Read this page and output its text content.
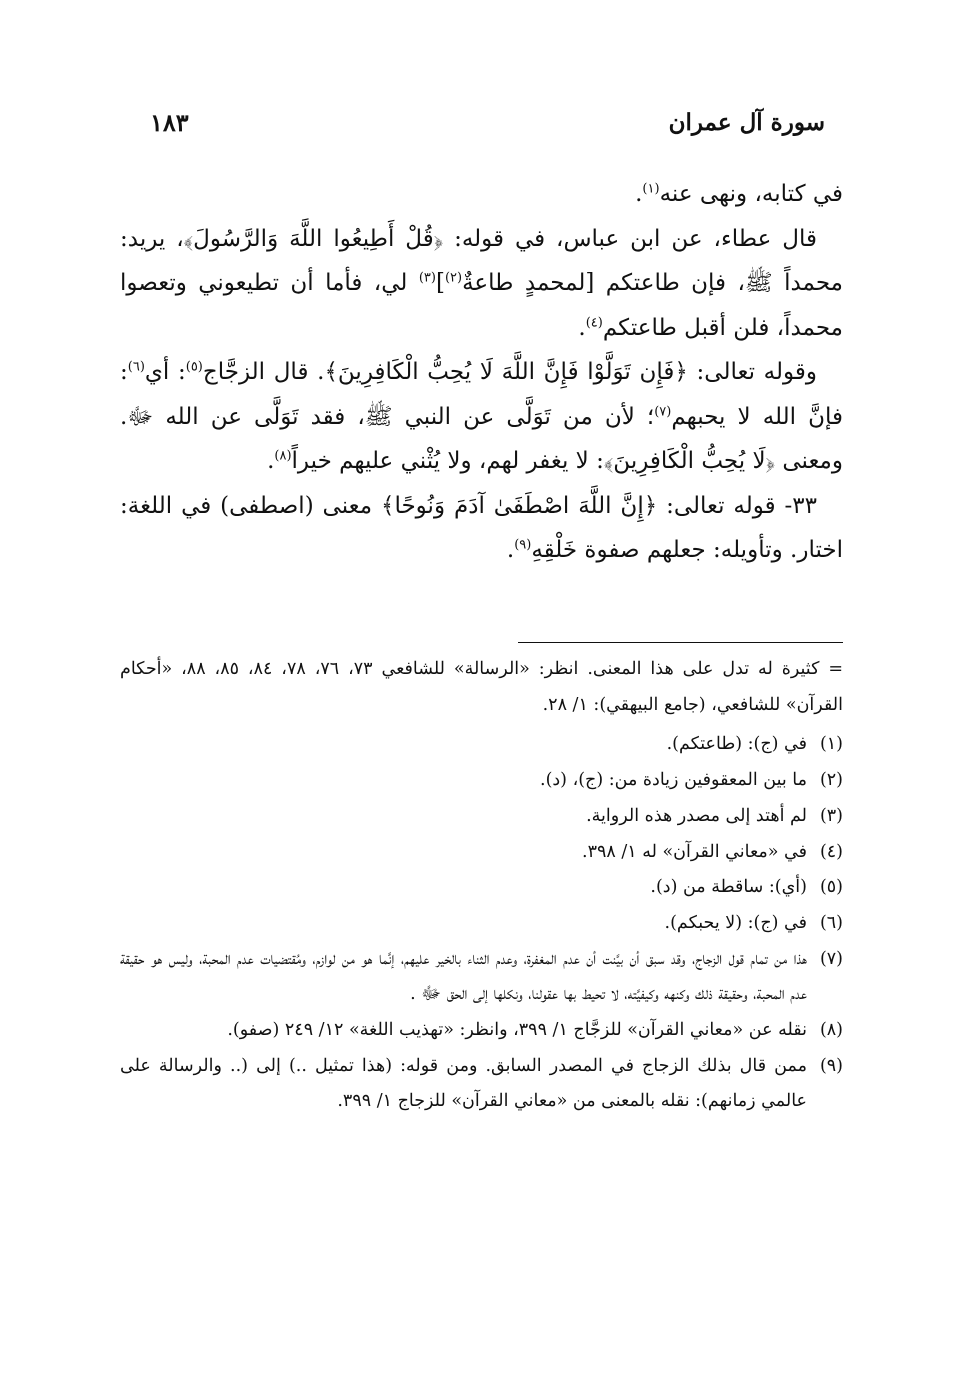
سورة آل عمران
١٨٣

في كتابه، ونهى عنه$^{(١)}$.

قال عطاء، عن ابن عباس، في قوله: ﴿قُلْ أَطِيعُوا اللَّهَ وَالرَّسُولَ﴾، يريد: محمداً ﷺ، فإن طاعتكم [لمحمدٍ طاعةٌ$^{(٢)}$]$^{(٣)}$ لي، فأما أن تطيعوني وتعصوا محمداً، فلن أقبل طاعتكم$^{(٤)}$.

وقوله تعالى: ﴿فَإِن تَوَلَّوْا فَإِنَّ اللَّهَ لَا يُحِبُّ الْكَافِرِينَ﴾. قال الزجَّاج$^{(٥)}$: أي$^{(٦)}$: فإنَّ الله لا يحبهم$^{(٧)}$؛ لأن من تَوَلَّى عن النبي ﷺ، فقد تَوَلَّى عن الله ﷻ. ومعنى ﴿لَا يُحِبُّ الْكَافِرِينَ﴾: لا يغفر لهم، ولا يُثْني عليهم خيراً$^{(٨)}$.

٣٣- قوله تعالى: ﴿إِنَّ اللَّهَ اصْطَفَىٰ آدَمَ وَنُوحًا﴾ معنى (اصطفى) في اللغة: اختار. وتأويله: جعلهم صفوة خَلْقِهِ$^{(٩)}$.

= كثيرة له تدل على هذا المعنى. انظر: «الرسالة» للشافعي ٧٣، ٧٦، ٧٨، ٨٤، ٨٥، ٨٨، «أحكام القرآن» للشافعي، (جامع البيهقي): ١/ ٢٨.

(١)
في (ج): (طاعتكم).
(٢)
ما بين المعقوفين زيادة من: (ج)، (د).
(٣)
لم أهتد إلى مصدر هذه الرواية.
(٤)
في «معاني القرآن» له ١/ ٣٩٨.
(٥)
(أي): ساقطة من (د).
(٦)
في (ج): (لا يحبكم).
(٧)
هذا من تمام قول الزجاج، وقد سبق أن بيَّنت أن عدم المغفرة، وعدم الثناء بالخير عليهم، إنَّما هو من لوازم، ومُقتضيات عدم المحبة، وليس هو حقيقة عدم المحبة، وحقيقة ذلك وكنهه وكيفيَّته، لا تحيط بها عقولنا، ونكلها إلى الحق ﷻ .
(٨)
نقله عن «معاني القرآن» للزجَّاج ١/ ٣٩٩، وانظر: «تهذيب اللغة» ١٢/ ٢٤٩ (صفو).
(٩)
ممن قال بذلك الزجاج في المصدر السابق. ومن قوله: (هذا تمثيل ..) إلى (.. والرسالة على عالمي زمانهم): نقله بالمعنى من «معاني القرآن» للزجاج ١/ ٣٩٩.
